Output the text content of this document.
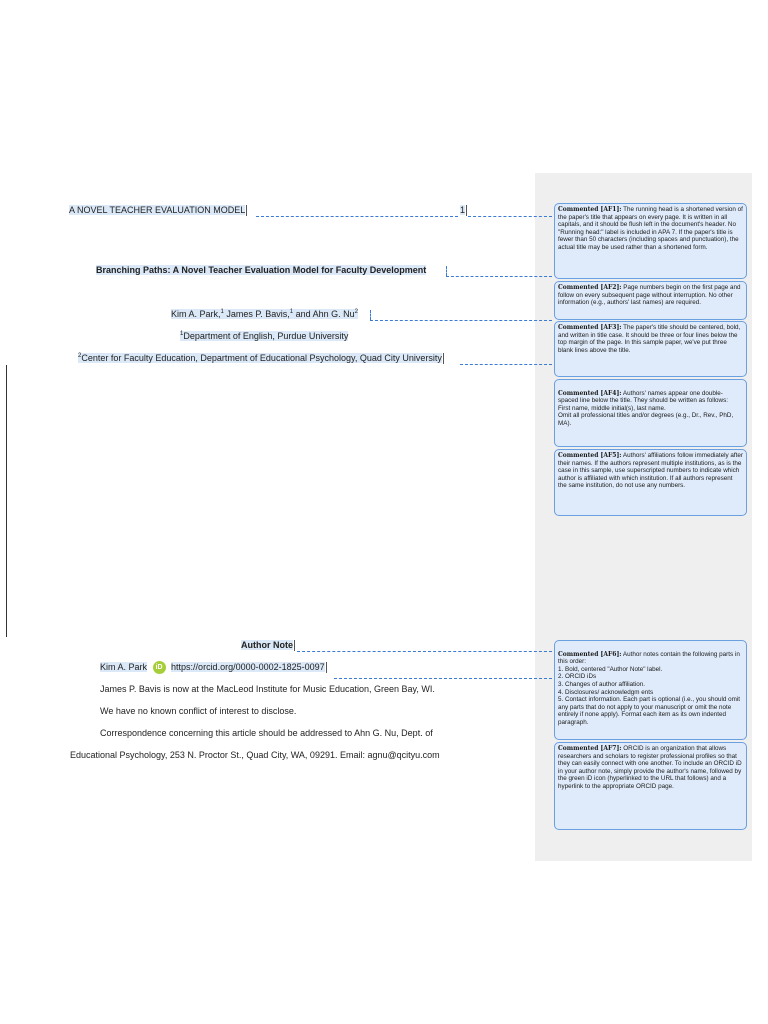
A NOVEL TEACHER EVALUATION MODEL	1
Branching Paths: A Novel Teacher Evaluation Model for Faculty Development
Kim A. Park,$^1$ James P. Bavis,$^1$ and Ahn G. Nu$^2$
$^1$Department of English, Purdue University
$^2$Center for Faculty Education, Department of Educational Psychology, Quad City University
Author Note
Kim A. Park iD https://orcid.org/0000-0002-1825-0097
James P. Bavis is now at the MacLeod Institute for Music Education, Green Bay, WI.
We have no known conflict of interest to disclose.
Correspondence concerning this article should be addressed to Ahn G. Nu, Dept. of
Educational Psychology, 253 N. Proctor St., Quad City, WA, 09291. Email: agnu@qcityu.com
Commented [AF1]: The running head is a shortened version of the paper's title that appears on every page. It is written in all capitals, and it should be flush left in the document's header. No "Running head:" label is included in APA 7. If the paper's title is fewer than 50 characters (including spaces and punctuation), the actual title may be used rather than a shortened form.
Commented [AF2]: Page numbers begin on the first page and follow on every subsequent page without interruption. No other information (e.g., authors' last names) are required.
Commented [AF3]: The paper's title should be centered, bold, and written in title case. It should be three or four lines below the top margin of the page. In this sample paper, we've put three blank lines above the title.

Commented [AF4]: Authors' names appear one double-spaced line below the title. They should be written as follows:
First name, middle initial(s), last name.
Omit all professional titles and/or degrees (e.g., Dr., Rev., PhD, MA).

Commented [AF5]: Authors' affiliations follow immediately after their names. If the authors represent multiple institutions, as is the case in this sample, use superscripted numbers to indicate which author is affiliated with which institution. If all authors represent the same institution, do not use any numbers.

Commented [AF6]: Author notes contain the following parts in this order:
1. Bold, centered "Author Note" label.
2. ORCID iDs
3. Changes of author affiliation.
4. Disclosures/ acknowledgm ents
5. Contact information. Each part is optional (i.e., you should omit any parts that do not apply to your manuscript or omit the note entirely if none apply). Format each item as its own indented paragraph.

Commented [AF7]: ORCID is an organization that allows researchers and scholars to register professional profiles so that they can easily connect with one another. To include an ORCID iD in your author note, simply provide the author's name, followed by the green iD icon (hyperlinked to the URL that follows) and a hyperlink to the appropriate ORCID page.
